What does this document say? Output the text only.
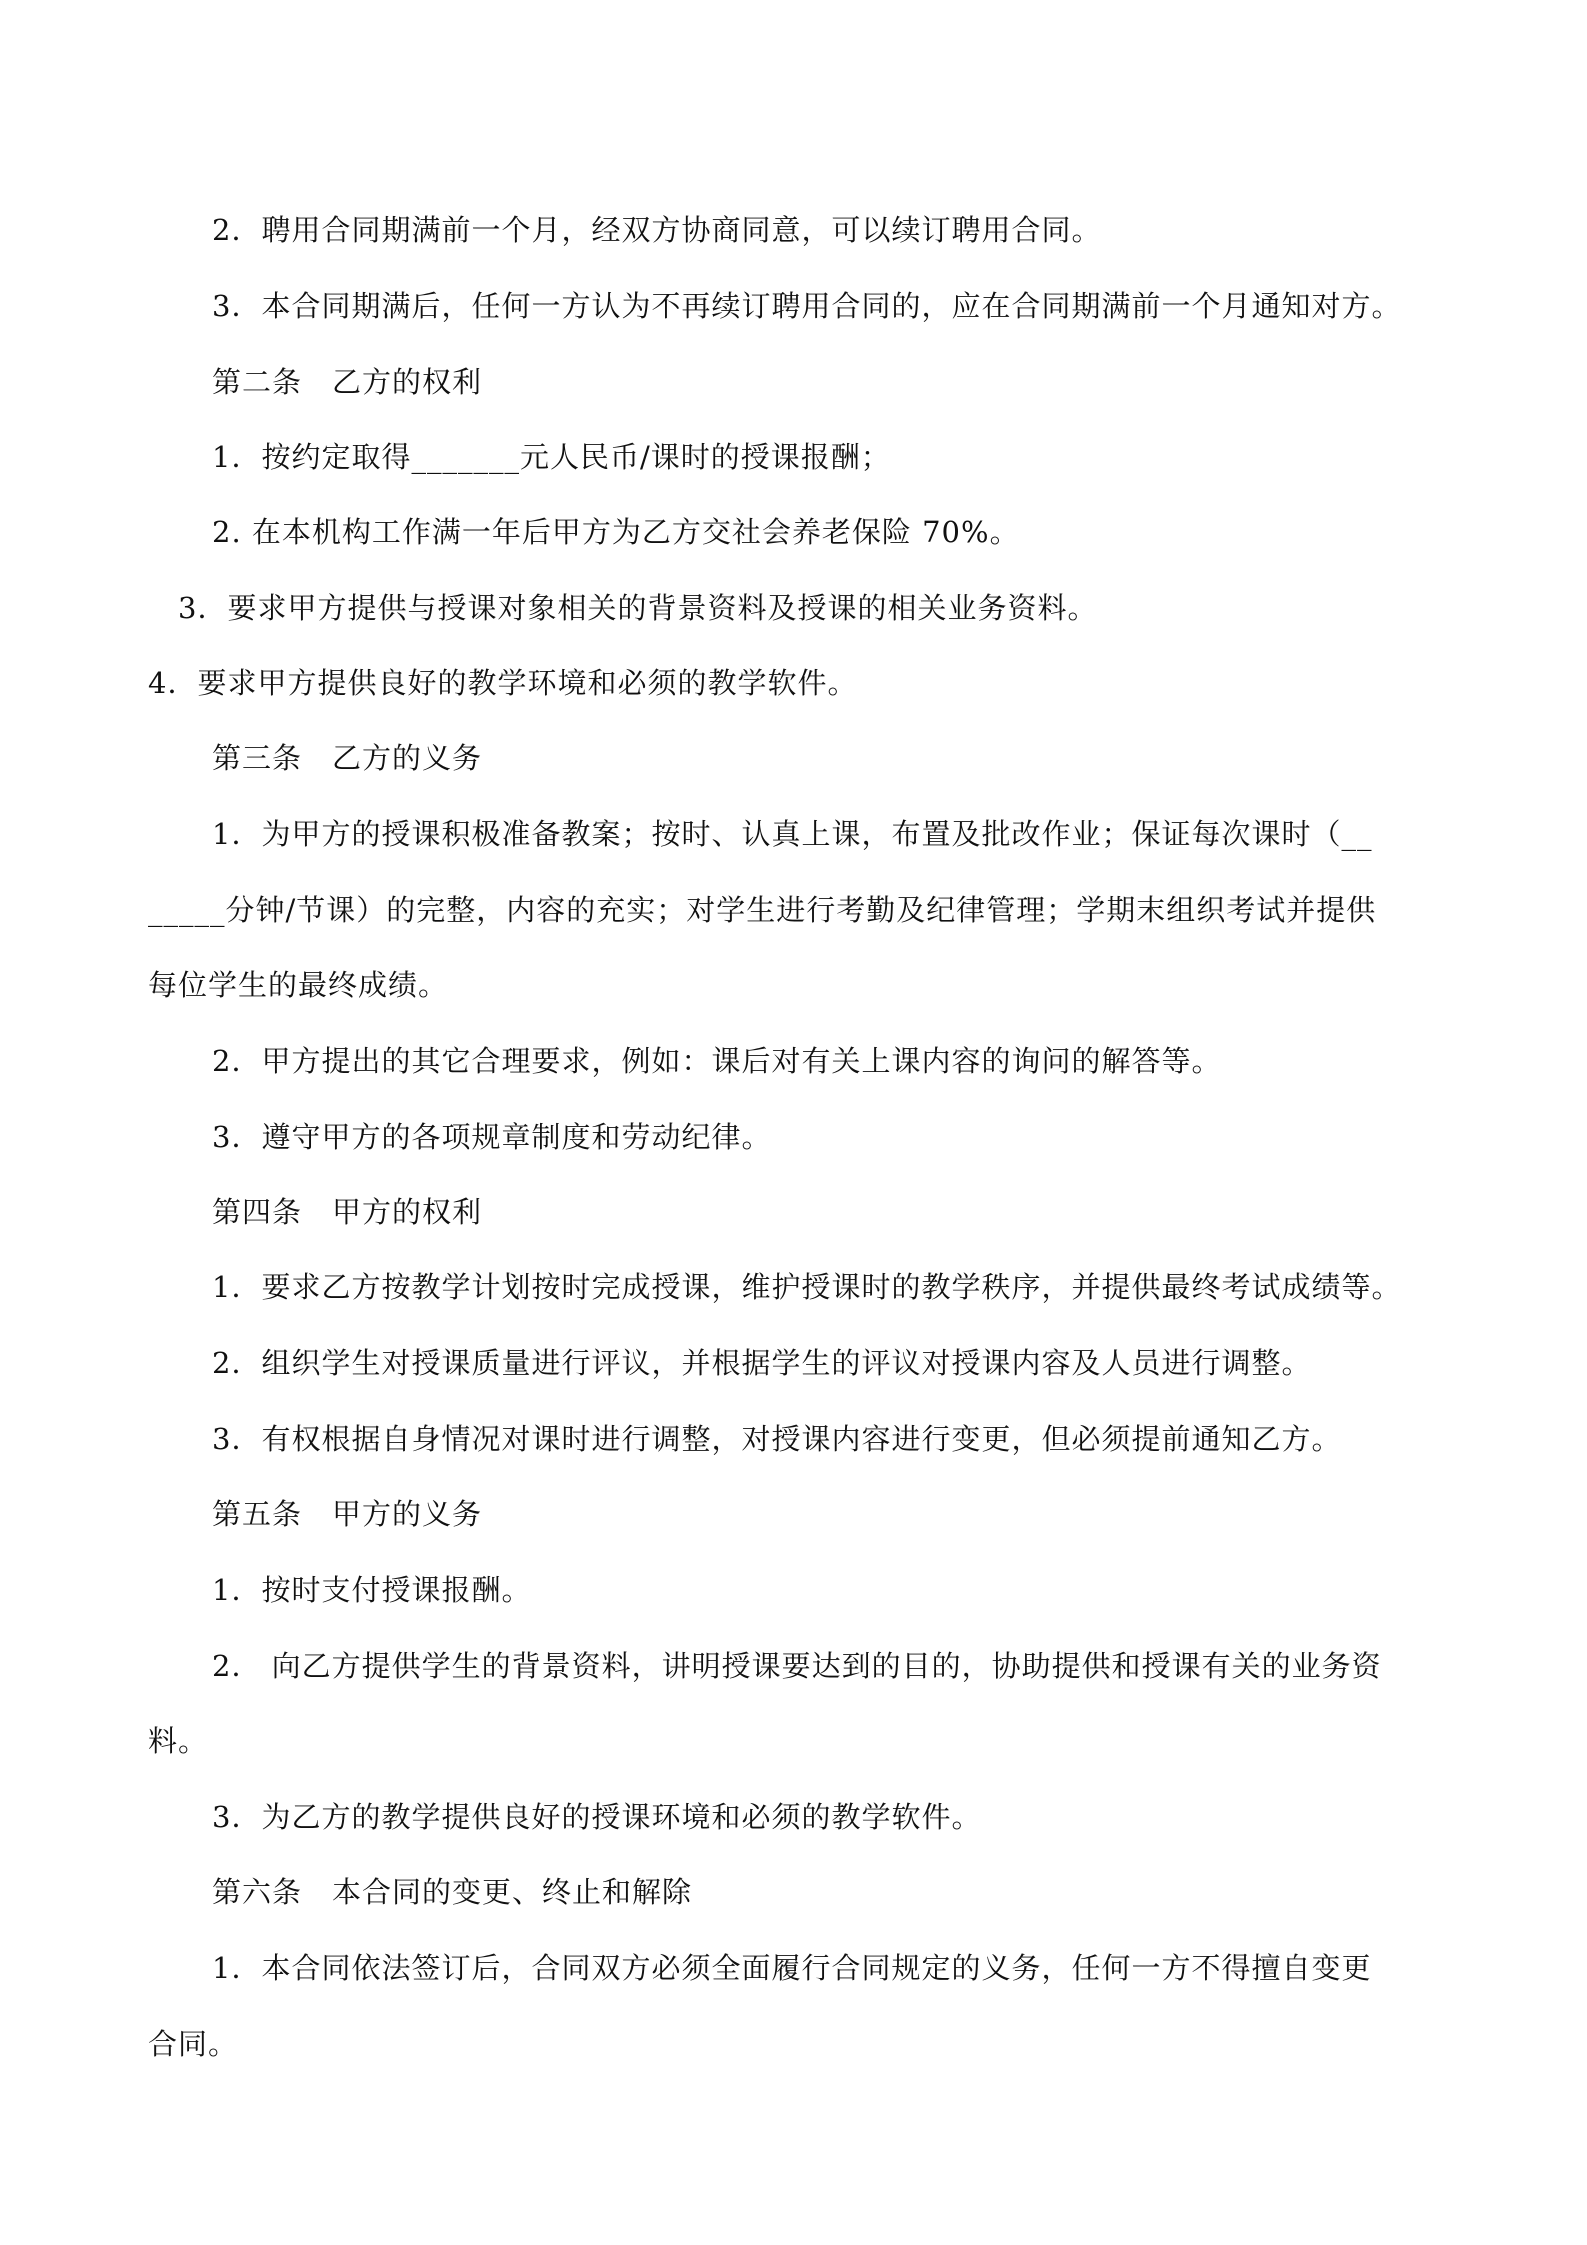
2．聘用合同期满前一个月，经双方协商同意，可以续订聘用合同。
3．本合同期满后，任何一方认为不再续订聘用合同的，应在合同期满前一个月通知对方。
第二条　乙方的权利
1．按约定取得_______元人民币/课时的授课报酬；
2. 在本机构工作满一年后甲方为乙方交社会养老保险 70%。
3．要求甲方提供与授课对象相关的背景资料及授课的相关业务资料。
4．要求甲方提供良好的教学环境和必须的教学软件。
第三条　乙方的义务
1．为甲方的授课积极准备教案；按时、认真上课，布置及批改作业；保证每次课时（__
_____分钟/节课）的完整，内容的充实；对学生进行考勤及纪律管理；学期末组织考试并提供
每位学生的最终成绩。
2．甲方提出的其它合理要求，例如：课后对有关上课内容的询问的解答等。
3．遵守甲方的各项规章制度和劳动纪律。
第四条　甲方的权利
1．要求乙方按教学计划按时完成授课，维护授课时的教学秩序，并提供最终考试成绩等。
2．组织学生对授课质量进行评议，并根据学生的评议对授课内容及人员进行调整。
3．有权根据自身情况对课时进行调整，对授课内容进行变更，但必须提前通知乙方。
第五条　甲方的义务
1．按时支付授课报酬。
2． 向乙方提供学生的背景资料，讲明授课要达到的目的，协助提供和授课有关的业务资
料。
3．为乙方的教学提供良好的授课环境和必须的教学软件。
第六条　本合同的变更、终止和解除
1．本合同依法签订后，合同双方必须全面履行合同规定的义务，任何一方不得擅自变更
合同。
